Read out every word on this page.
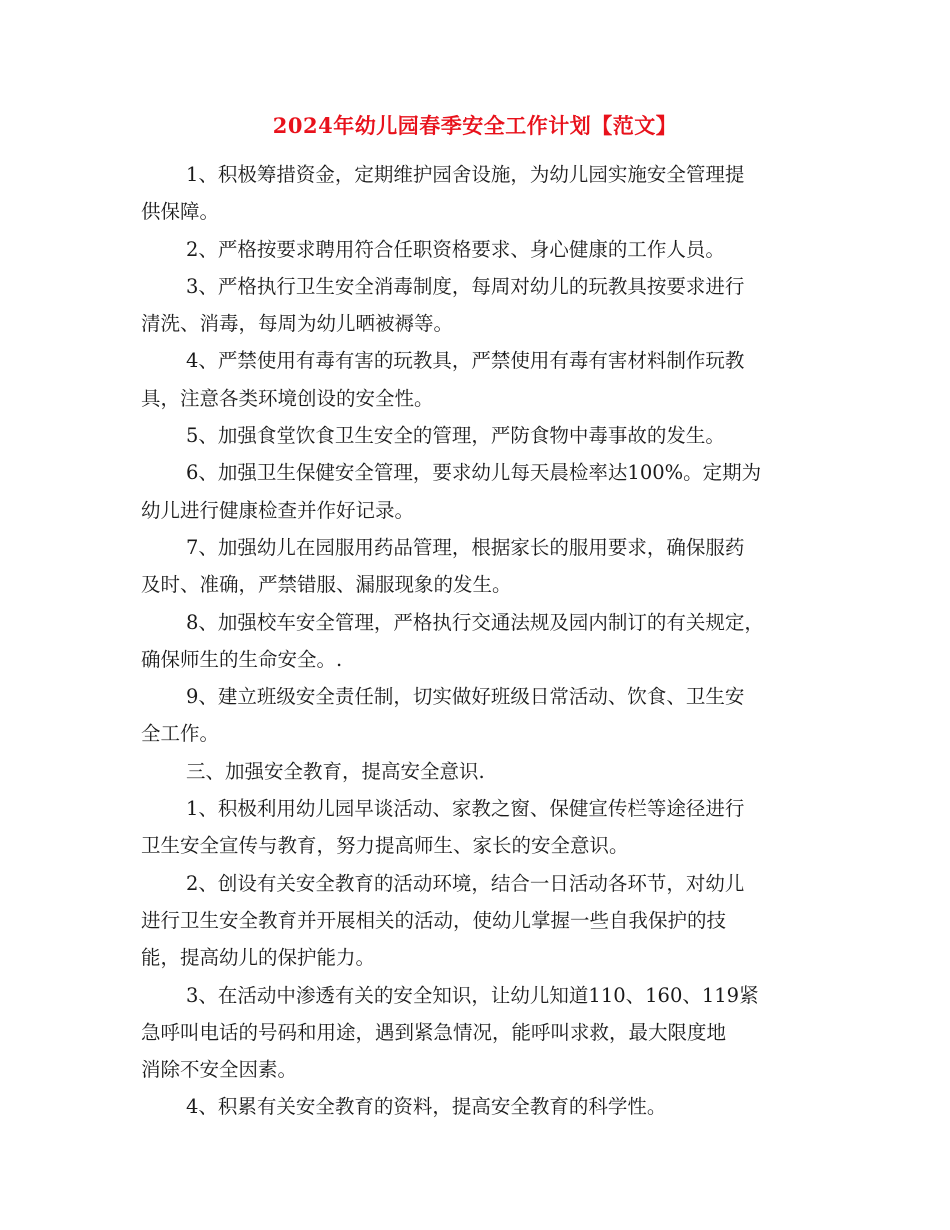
2024年幼儿园春季安全工作计划【范文】
1、积极筹措资金，定期维护园舍设施，为幼儿园实施安全管理提
供保障。
2、严格按要求聘用符合任职资格要求、身心健康的工作人员。
3、严格执行卫生安全消毒制度，每周对幼儿的玩教具按要求进行
清洗、消毒，每周为幼儿晒被褥等。
4、严禁使用有毒有害的玩教具，严禁使用有毒有害材料制作玩教
具，注意各类环境创设的安全性。
5、加强食堂饮食卫生安全的管理，严防食物中毒事故的发生。
6、加强卫生保健安全管理，要求幼儿每天晨检率达100%。定期为
幼儿进行健康检查并作好记录。
7、加强幼儿在园服用药品管理，根据家长的服用要求，确保服药
及时、准确，严禁错服、漏服现象的发生。
8、加强校车安全管理，严格执行交通法规及园内制订的有关规定，
确保师生的生命安全。.
9、建立班级安全责任制，切实做好班级日常活动、饮食、卫生安
全工作。
三、加强安全教育，提高安全意识.
1、积极利用幼儿园早谈活动、家教之窗、保健宣传栏等途径进行
卫生安全宣传与教育，努力提高师生、家长的安全意识。
2、创设有关安全教育的活动环境，结合一日活动各环节，对幼儿
进行卫生安全教育并开展相关的活动，使幼儿掌握一些自我保护的技
能，提高幼儿的保护能力。
3、在活动中渗透有关的安全知识，让幼儿知道110、160、119紧
急呼叫电话的号码和用途，遇到紧急情况，能呼叫求救，最大限度地
消除不安全因素。
4、积累有关安全教育的资料，提高安全教育的科学性。
